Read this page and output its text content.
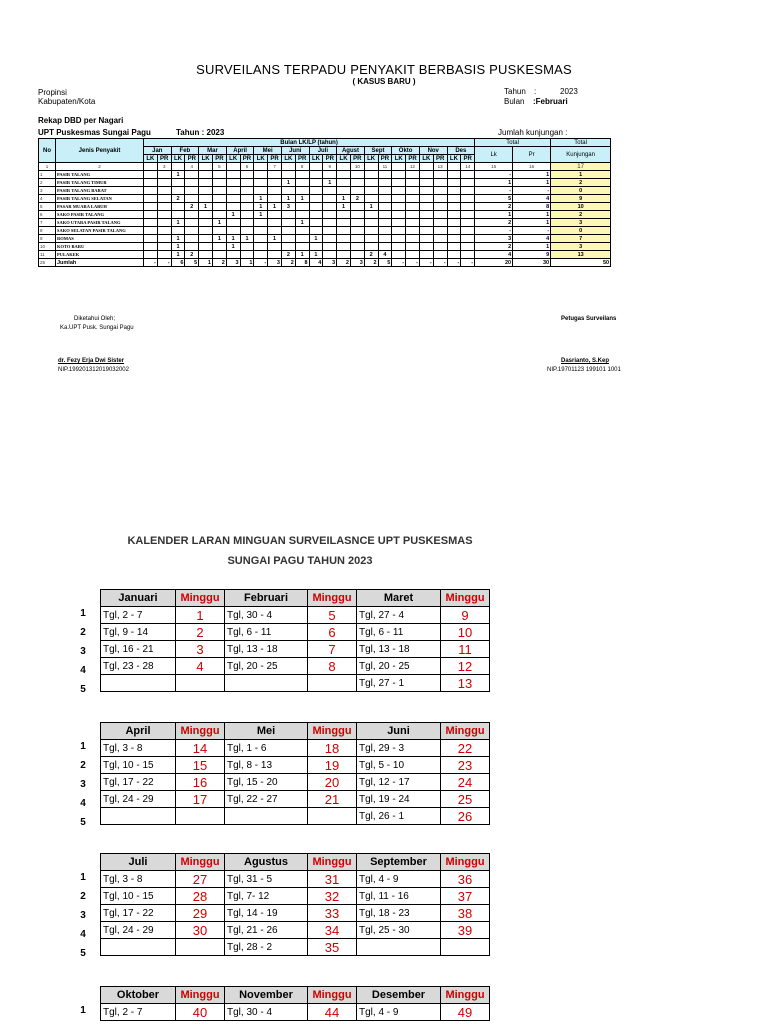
SURVEILANS TERPADU PENYAKIT BERBASIS PUSKESMAS
( KASUS BARU )
Propinsi
Kabupaten/Kota
Tahun :	2023
Bulan :Februari
Rekap DBD per Nagari
UPT Puskesmas Sungai Pagu	Tahun : 2023	Jumlah kunjungan :
No	Jenis Penyakit	Bulan LK/LP (tahun)																								Total		Total
		Jan		Feb		Mar		April		Mei		Juni		Juli		Agust		Sept		Okto		Nov		Des		Lk	Pr	Kunjungan
		LK	PR	LK	PR	LK	PR	LK	PR	LK	PR	LK	PR	LK	PR	LK	PR	LK	PR	LK	PR	LK	PR	LK	PR			
1	2		3		4		5		6		7		8		9		10		11		12		13		14	15	16	17
1	PASIR TALANG			1																						-	1	1
2	PASIR TALANG TIMUR											1			1											1	1	2
3	PASIR TALANG BARAT																									-	-	0
4	PASIR TALANG SELATAN			2						1		1	1			1	2									5	4	9
5	PASAR MUARA LABUH				2	1				1	1	3				1		1								2	8	10
6	SAKO PASIR TALANG							1		1																1	1	2
7	SAKO UTARA PASIR TALANG			1			1						1													2	1	3
8	SAKO SELATAN PASIR TALANG																									-	-	0
9	ROMAS			1			1	1	1		1			1												3	4	7
10	KOTO BARU			1				1																		2	1	3
11	PULAKEK			1	2							2	1	1				2	4							4	9	13
25	Jumlah	-	-	6	5	1	2	3	1	-	3	2	8	4	3	2	3	2	5	-	-	-	-	-	-	20	30	50
Diketahui Oleh;
Ka.UPT Pusk. Sungai Pagu
dr. Fezy Erja Dwi Sister
NIP.199201312019032002
Petugas Surveilans
Dasrianto, S.Kep
NIP.19701123 199101 1001
KALENDER LARAN MINGUAN SURVEILASNCE UPT PUSKESMAS
SUNGAI PAGU TAHUN 2023
1
2
3
4
5
Januari	Minggu	Februari	Minggu	Maret	Minggu
Tgl, 2 - 7	1	Tgl, 30 - 4	5	Tgl, 27 - 4	9
Tgl, 9 - 14	2	Tgl, 6 - 11	6	Tgl, 6 - 11	10
Tgl, 16 - 21	3	Tgl, 13 - 18	7	Tgl, 13 - 18	11
Tgl, 23 - 28	4	Tgl, 20 - 25	8	Tgl, 20 - 25	12
				Tgl, 27 - 1	13
1
2
3
4
5
April	Minggu	Mei	Minggu	Juni	Minggu
Tgl, 3 - 8	14	Tgl, 1 - 6	18	Tgl, 29 - 3	22
Tgl, 10 - 15	15	Tgl, 8 - 13	19	Tgl, 5 - 10	23
Tgl, 17 - 22	16	Tgl, 15 - 20	20	Tgl, 12 - 17	24
Tgl, 24 - 29	17	Tgl, 22 - 27	21	Tgl, 19 - 24	25
				Tgl, 26 - 1	26
1
2
3
4
5
Juli	Minggu	Agustus	Minggu	September	Minggu
Tgl, 3 - 8	27	Tgl, 31 - 5	31	Tgl, 4 - 9	36
Tgl, 10 - 15	28	Tgl, 7- 12	32	Tgl, 11 - 16	37
Tgl, 17 - 22	29	Tgl, 14 - 19	33	Tgl, 18 - 23	38
Tgl, 24 - 29	30	Tgl, 21 - 26	34	Tgl, 25 - 30	39
		Tgl, 28 - 2	35		
1
Oktober	Minggu	November	Minggu	Desember	Minggu
Tgl, 2 - 7	40	Tgl, 30 - 4	44	Tgl, 4 - 9	49
